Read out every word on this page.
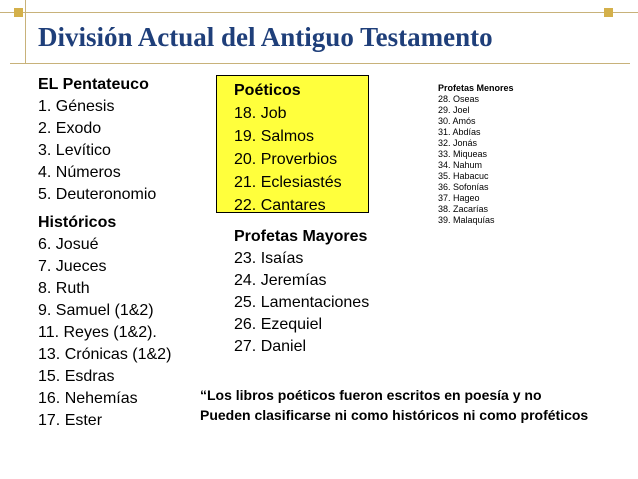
División Actual del Antiguo Testamento
EL Pentateuco
1. Génesis
2. Exodo
3. Levítico
4. Números
5. Deuteronomio
Históricos
6. Josué
7. Jueces
8. Ruth
9. Samuel (1&2)
11. Reyes (1&2).
13. Crónicas (1&2)
15. Esdras
16. Nehemías
17. Ester
Poéticos
18. Job
19. Salmos
20. Proverbios
21. Eclesiastés
22. Cantares
Profetas Mayores
23. Isaías
24. Jeremías
25. Lamentaciones
26. Ezequiel
27. Daniel
Profetas Menores
28. Oseas
29. Joel
30. Amós
31. Abdías
32. Jonás
33. Miqueas
34. Nahum
35. Habacuc
36. Sofonías
37. Hageo
38. Zacarías
39. Malaquías
“Los libros poéticos fueron escritos en poesía y no
Pueden clasificarse ni como históricos ni como proféticos
